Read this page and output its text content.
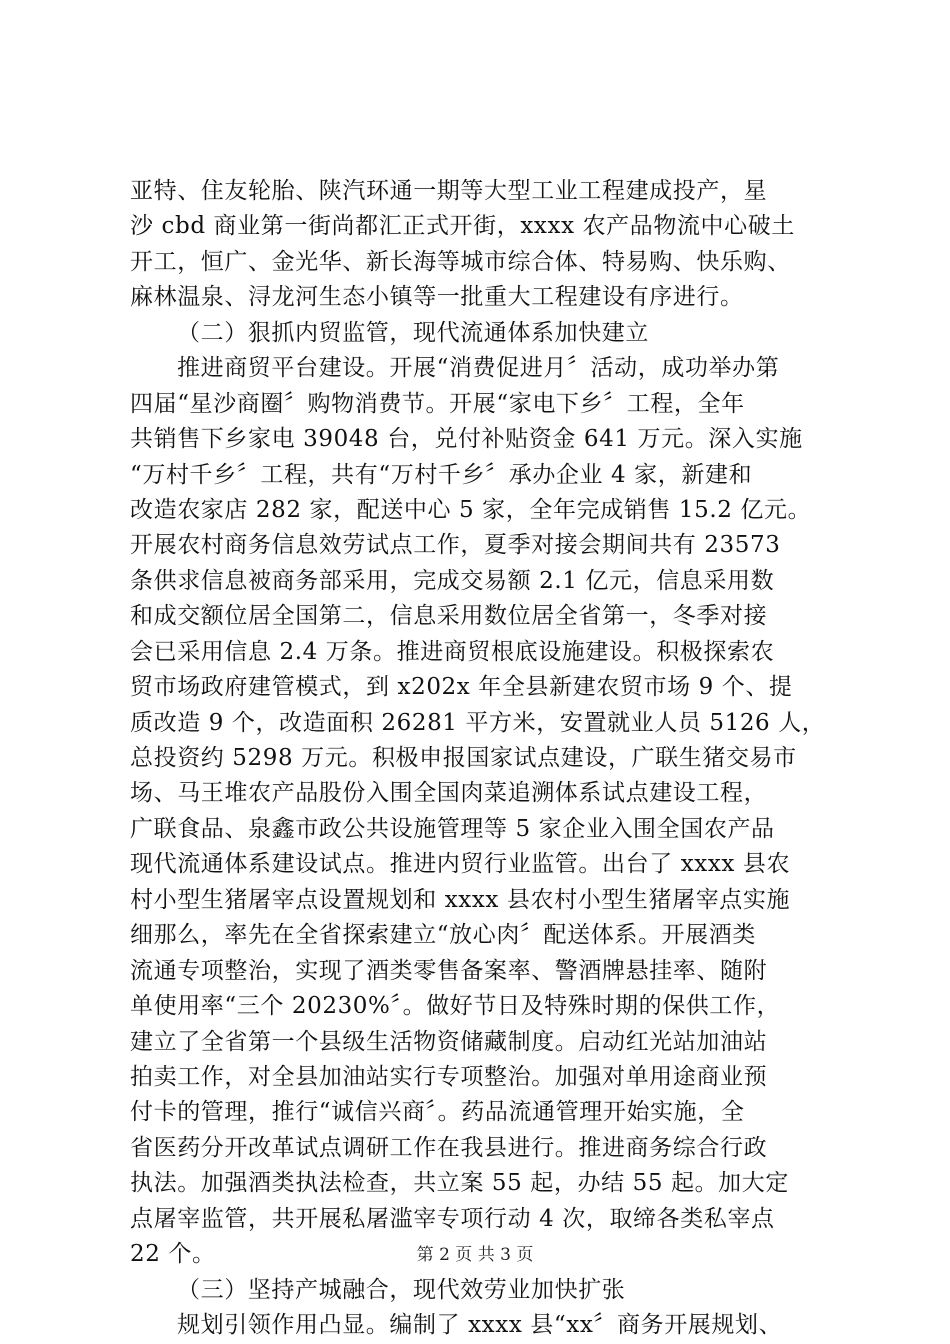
亚特、住友轮胎、陕汽环通一期等大型工业工程建成投产，星
沙 cbd 商业第一街尚都汇正式开街，xxxx 农产品物流中心破土
开工，恒广、金光华、新长海等城市综合体、特易购、快乐购、
麻林温泉、浔龙河生态小镇等一批重大工程建设有序进行。
（二）狠抓内贸监管，现代流通体系加快建立
推进商贸平台建设。开展“消费促进月〞活动，成功举办第
四届“星沙商圈〞购物消费节。开展“家电下乡〞工程，全年
共销售下乡家电 39048 台，兑付补贴资金 641 万元。深入实施
“万村千乡〞工程，共有“万村千乡〞承办企业 4 家，新建和
改造农家店 282 家，配送中心 5 家，全年完成销售 15.2 亿元。
开展农村商务信息效劳试点工作，夏季对接会期间共有 23573
条供求信息被商务部采用，完成交易额 2.1 亿元，信息采用数
和成交额位居全国第二，信息采用数位居全省第一，冬季对接
会已采用信息 2.4 万条。推进商贸根底设施建设。积极探索农
贸市场政府建管模式，到 x202x 年全县新建农贸市场 9 个、提
质改造 9 个，改造面积 26281 平方米，安置就业人员 5126 人，
总投资约 5298 万元。积极申报国家试点建设，广联生猪交易市
场、马王堆农产品股份入围全国肉菜追溯体系试点建设工程，
广联食品、泉鑫市政公共设施管理等 5 家企业入围全国农产品
现代流通体系建设试点。推进内贸行业监管。出台了 xxxx 县农
村小型生猪屠宰点设置规划和 xxxx 县农村小型生猪屠宰点实施
细那么，率先在全省探索建立“放心肉〞配送体系。开展酒类
流通专项整治，实现了酒类零售备案率、警酒牌悬挂率、随附
单使用率“三个 20230%〞。做好节日及特殊时期的保供工作，
建立了全省第一个县级生活物资储藏制度。启动红光站加油站
拍卖工作，对全县加油站实行专项整治。加强对单用途商业预
付卡的管理，推行“诚信兴商〞。药品流通管理开始实施，全
省医药分开改革试点调研工作在我县进行。推进商务综合行政
执法。加强酒类执法检查，共立案 55 起，办结 55 起。加大定
点屠宰监管，共开展私屠滥宰专项行动 4 次，取缔各类私宰点
22 个。
（三）坚持产城融合，现代效劳业加快扩张
规划引领作用凸显。编制了 xxxx 县“xx〞商务开展规划、
第 2 页 共 3 页
